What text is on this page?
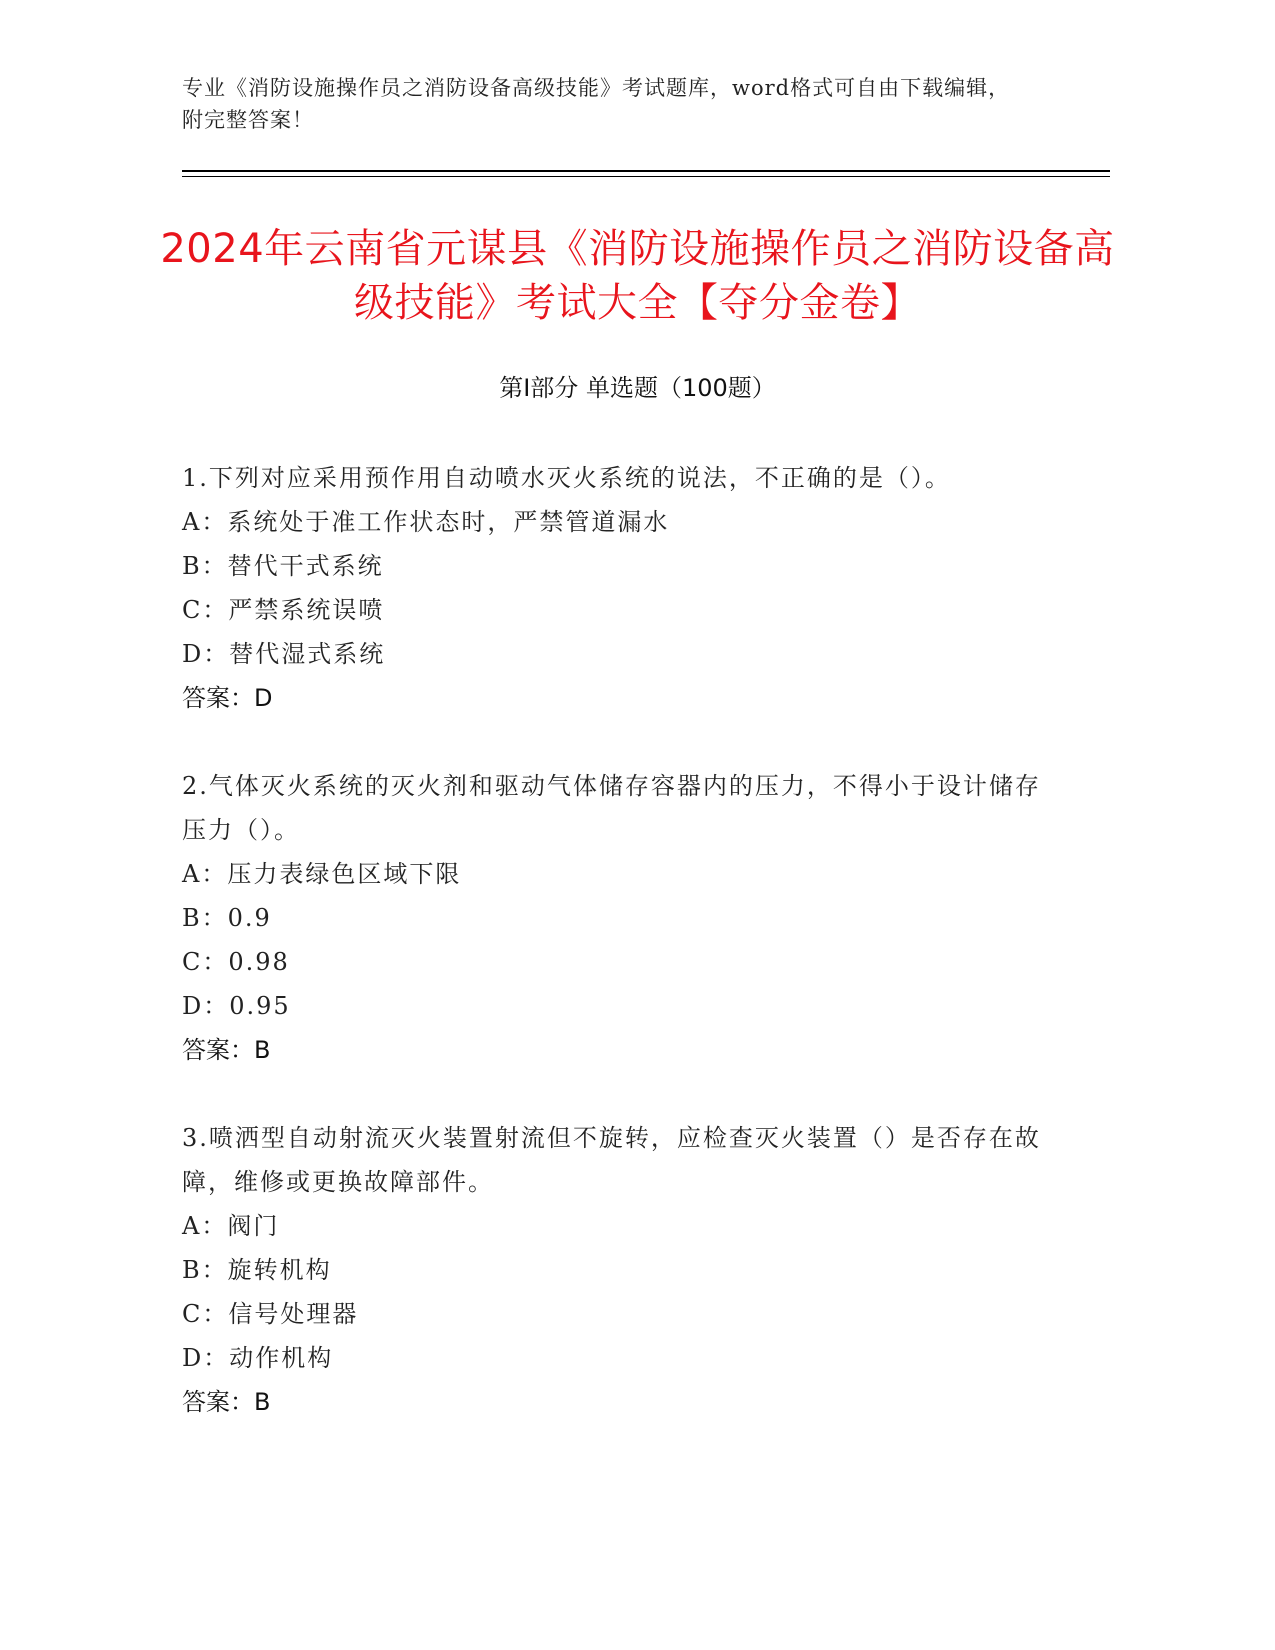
专业《消防设施操作员之消防设备高级技能》考试题库，word格式可自由下载编辑，附完整答案！
2024年云南省元谋县《消防设施操作员之消防设备高级技能》考试大全【夺分金卷】
第I部分 单选题（100题）
1.下列对应采用预作用自动喷水灭火系统的说法，不正确的是（）。
A：系统处于准工作状态时，严禁管道漏水
B：替代干式系统
C：严禁系统误喷
D：替代湿式系统
答案：D
2.气体灭火系统的灭火剂和驱动气体储存容器内的压力，不得小于设计储存压力（）。
A：压力表绿色区域下限
B：0.9
C：0.98
D：0.95
答案：B
3.喷洒型自动射流灭火装置射流但不旋转，应检查灭火装置（）是否存在故障，维修或更换故障部件。
A：阀门
B：旋转机构
C：信号处理器
D：动作机构
答案：B
